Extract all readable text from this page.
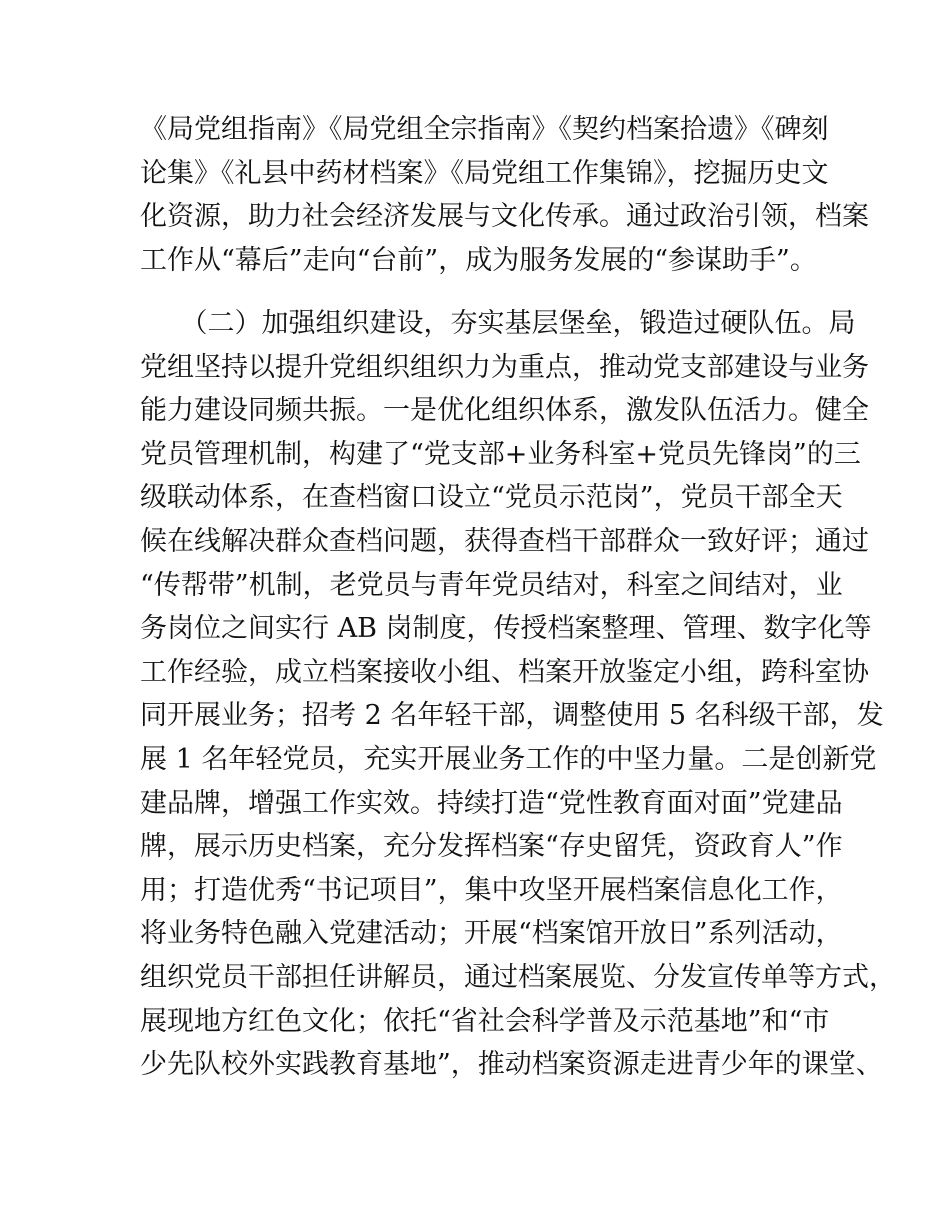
《局党组指南》《局党组全宗指南》《契约档案拾遗》《碑刻
论集》《礼县中药材档案》《局党组工作集锦》，挖掘历史文
化资源，助力社会经济发展与文化传承。通过政治引领，档案
工作从“幕后”走向“台前”，成为服务发展的“参谋助手”。
　　（二）加强组织建设，夯实基层堡垒，锻造过硬队伍。局
党组坚持以提升党组织组织力为重点，推动党支部建设与业务
能力建设同频共振。一是优化组织体系，激发队伍活力。健全
党员管理机制，构建了“党支部+业务科室+党员先锋岗”的三
级联动体系，在查档窗口设立“党员示范岗”，党员干部全天
候在线解决群众查档问题，获得查档干部群众一致好评；通过
“传帮带”机制，老党员与青年党员结对，科室之间结对，业
务岗位之间实行 AB 岗制度，传授档案整理、管理、数字化等
工作经验，成立档案接收小组、档案开放鉴定小组，跨科室协
同开展业务；招考 2 名年轻干部，调整使用 5 名科级干部，发
展 1 名年轻党员，充实开展业务工作的中坚力量。二是创新党
建品牌，增强工作实效。持续打造“党性教育面对面”党建品
牌，展示历史档案，充分发挥档案“存史留凭，资政育人”作
用；打造优秀“书记项目”，集中攻坚开展档案信息化工作，
将业务特色融入党建活动；开展“档案馆开放日”系列活动，
组织党员干部担任讲解员，通过档案展览、分发宣传单等方式，
展现地方红色文化；依托“省社会科学普及示范基地”和“市
少先队校外实践教育基地”，推动档案资源走进青少年的课堂、
